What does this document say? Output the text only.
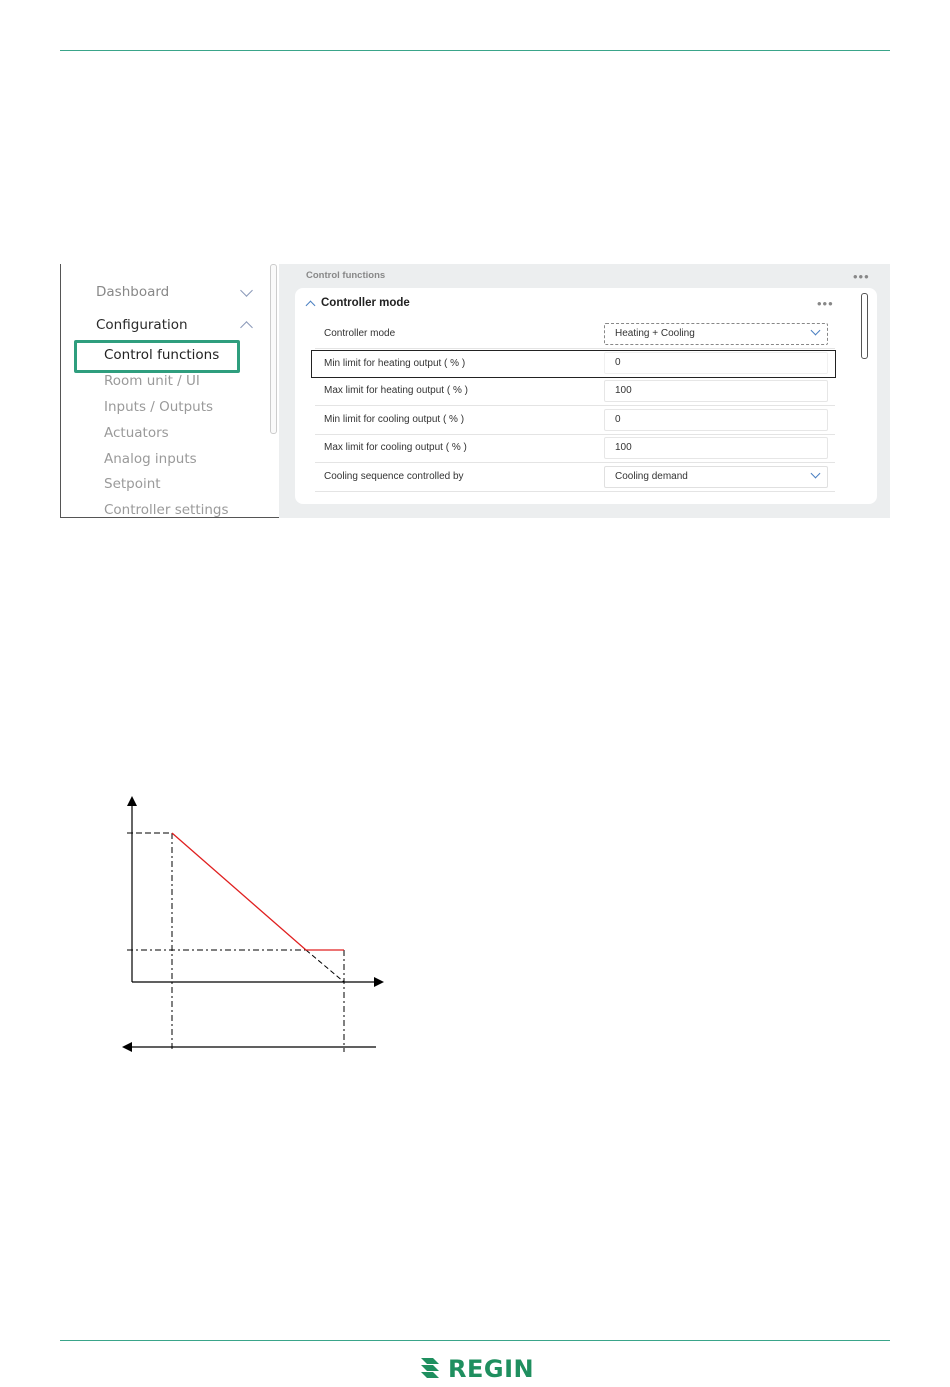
Dashboard
Configuration
Control functions
Room unit / UI
Inputs / Outputs
Actuators
Analog inputs
Setpoint
Controller settings
Control functions	•••
Controller mode	•••
Controller mode	Heating + Cooling
Min limit for heating output ( % )	0
Max limit for heating output ( % )	100
Min limit for cooling output ( % )	0
Max limit for cooling output ( % )	100
Cooling sequence controlled by	Cooling demand
REGIN
